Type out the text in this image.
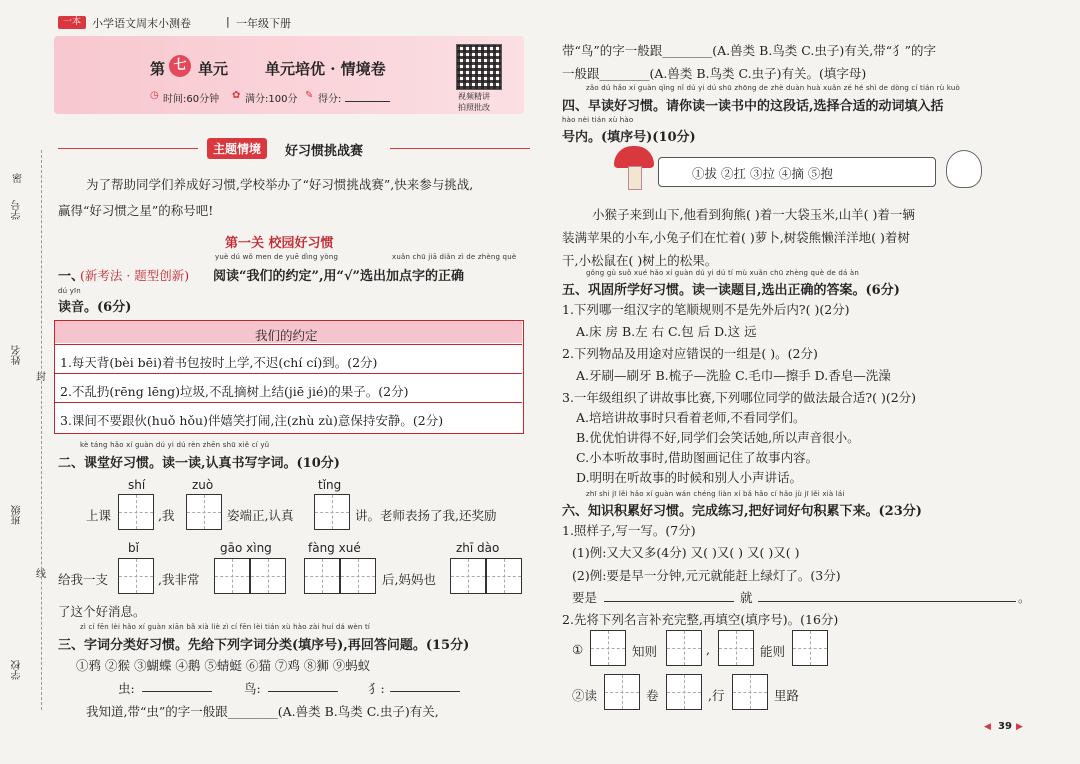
一本	小学语文周末小测卷	| 一年级下册
第 七 单元 单元培优 · 情境卷
◷ 时间:60分钟 ✿ 满分:100分 ✎ 得分:	视频精讲
拍照批改
密
学号
姓名
封
班级
线
学校
主题情境	好习惯挑战赛
为了帮助同学们养成好习惯,学校举办了“好习惯挑战赛”,快来参与挑战,
赢得“好习惯之星”的称号吧!
第一关 校园好习惯
yuè dú wǒ men de yuē dìng yòng	xuǎn chū jiā diǎn zì de zhèng què
一、
(新考法 · 题型创新) 阅读“我们的约定”,用“√”选出加点字的正确
dú yīn
读音。(6分)
我们的约定
1.每天背(bèi bēi)着书包按时上学,不迟(chí cí)到。(2分)
2.不乱扔(rēng lēng)垃圾,不乱摘树上结(jiē jié)的果子。(2分)
3.课间不要跟伙(huǒ hǒu)伴嬉笑打闹,注(zhù zù)意保持安静。(2分)
kè táng hǎo xí guàn dú yi dú rèn zhēn shū xiě cí yǔ
二、课堂好习惯。读一读,认真书写字词。(10分)
shí	zuò	tǐng
上课	,我	姿端正,认真	讲。老师表扬了我,还奖励
bǐ	gāo xìng	fàng xué	zhī dào
给我一支	,我非常	后,妈妈也
了这个好消息。
zì cí fēn lèi hǎo xí guàn xiān bǎ xià liè zì cí fēn lèi tián xù hào zài huí dá wèn tí
三、字词分类好习惯。先给下列字词分类(填序号),再回答问题。(15分)
①鸦 ②猴 ③蝴蝶 ④鹅 ⑤蜻蜓 ⑥猫 ⑦鸡 ⑧狮 ⑨蚂蚁
虫:	鸟:	犭:
我知道,带“虫”的字一般跟________(A.兽类 B.鸟类 C.虫子)有关,
带“鸟”的字一般跟________(A.兽类 B.鸟类 C.虫子)有关,带“犭”的字
一般跟________(A.兽类 B.鸟类 C.虫子)有关。(填字母)
zǎo dú hǎo xí guàn qǐng nǐ dú yi dú shū zhōng de zhè duàn huà xuǎn zé hé shì de dòng cí tián rù kuò
四、早读好习惯。请你读一读书中的这段话,选择合适的动词填入括
hào nèi tián xù hào
号内。(填序号)(10分)
①拔 ②扛 ③拉 ④摘 ⑤抱
小猴子来到山下,他看到狗熊( )着一大袋玉米,山羊( )着一辆
装满苹果的小车,小兔子们在忙着( )萝卜,树袋熊懒洋洋地( )着树
干,小松鼠在( )树上的松果。
gǒng gù suǒ xué hǎo xí guàn dú yi dú tí mù xuǎn chū zhèng què de dá àn
五、巩固所学好习惯。读一读题目,选出正确的答案。(6分)
1.下列哪一组汉字的笔顺规则不是先外后内?( )(2分)
A.床 房 B.左 右 C.包 后 D.这 远
2.下列物品及用途对应错误的一组是( )。(2分)
A.牙刷—刷牙 B.梳子—洗脸 C.毛巾—擦手 D.香皂—洗澡
3.一年级组织了讲故事比赛,下列哪位同学的做法最合适?( )(2分)
A.培培讲故事时只看着老师,不看同学们。
B.优优怕讲得不好,同学们会笑话她,所以声音很小。
C.小本听故事时,借助图画记住了故事内容。
D.明明在听故事的时候和别人小声讲话。
zhī shi jī lěi hǎo xí guàn wán chéng liàn xí bǎ hǎo cí hǎo jù jī lěi xià lái
六、知识积累好习惯。完成练习,把好词好句积累下来。(23分)
1.照样子,写一写。(7分)
(1)例:又大又多(4分) 又( )又( ) 又( )又( )
(2)例:要是早一分钟,元元就能赶上绿灯了。(3分)
要是	就	。
2.先将下列名言补充完整,再填空(填序号)。(16分)
①	知则	,	能则
②读	卷	,行	里路
◀ 39 ▶
